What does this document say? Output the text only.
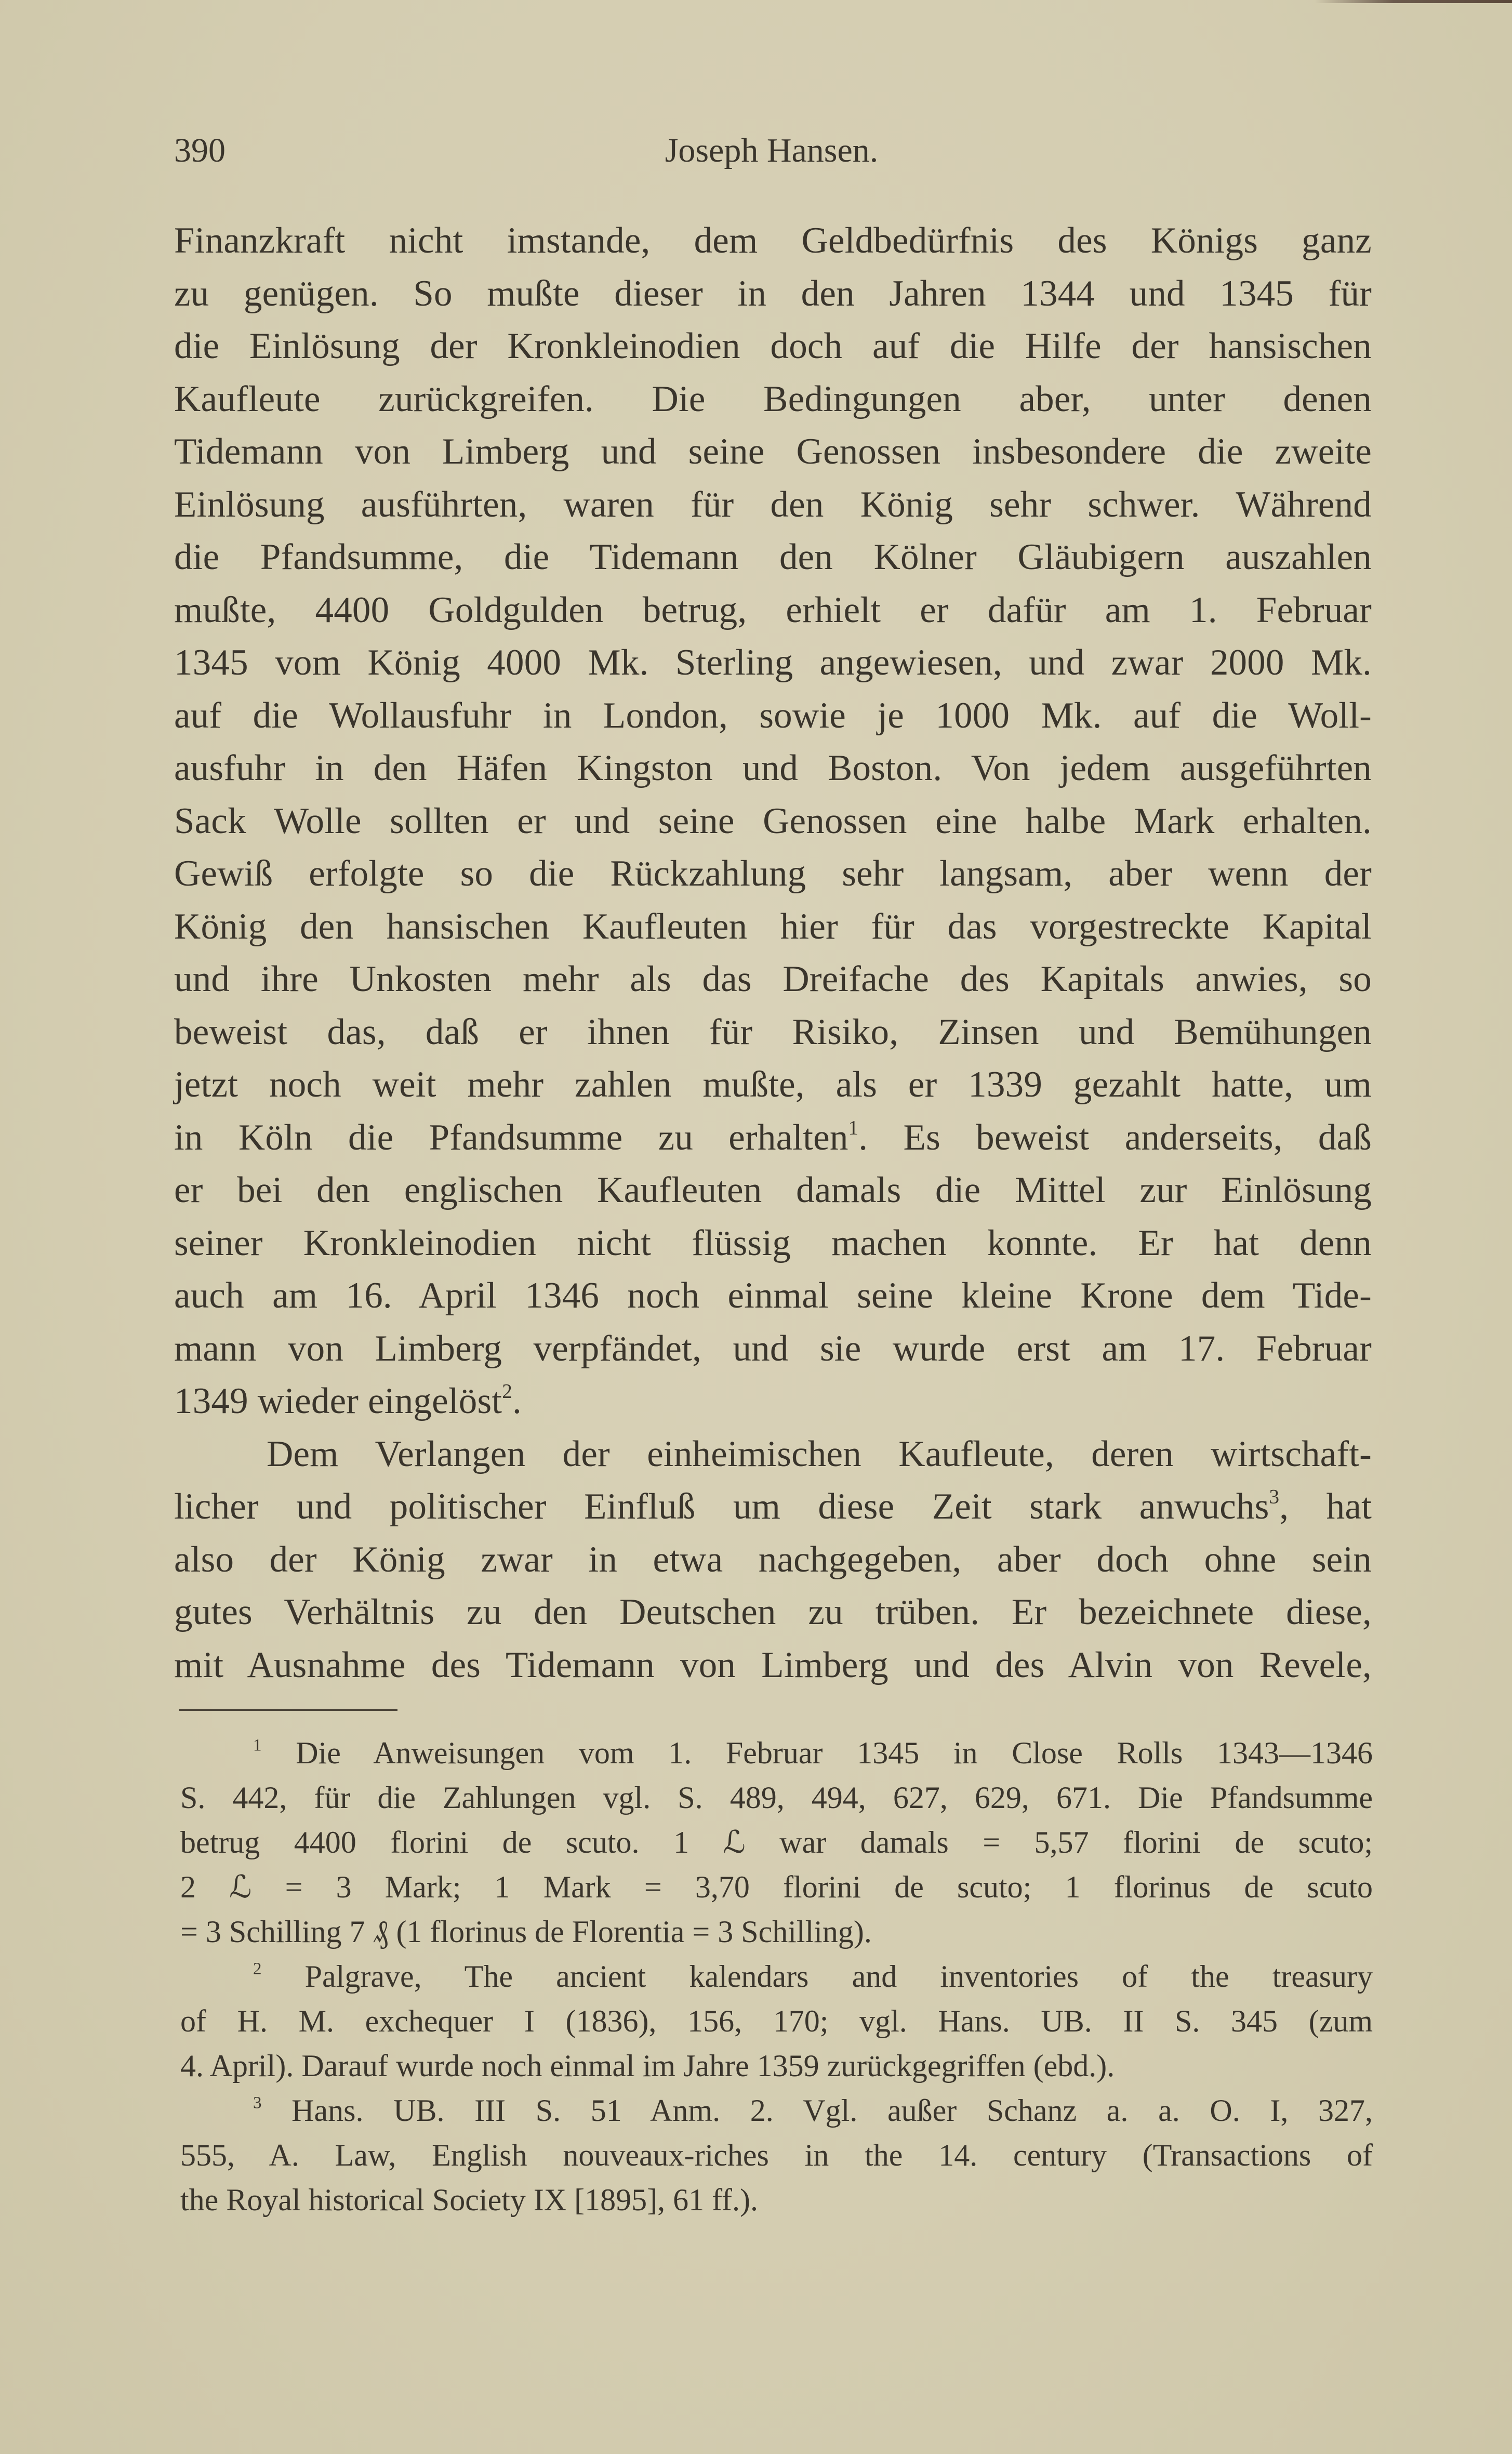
390	Joseph Hansen.
Finanzkraft nicht imstande, dem Geldbedürfnis des Königs ganz
zu genügen. So mußte dieser in den Jahren 1344 und 1345 für
die Einlösung der Kronkleinodien doch auf die Hilfe der hansischen
Kaufleute zurückgreifen. Die Bedingungen aber, unter denen
Tidemann von Limberg und seine Genossen insbesondere die zweite
Einlösung ausführten, waren für den König sehr schwer. Während
die Pfandsumme, die Tidemann den Kölner Gläubigern auszahlen
mußte, 4400 Goldgulden betrug, erhielt er dafür am 1. Februar
1345 vom König 4000 Mk. Sterling angewiesen, und zwar 2000 Mk.
auf die Wollausfuhr in London, sowie je 1000 Mk. auf die Woll-
ausfuhr in den Häfen Kingston und Boston. Von jedem ausgeführten
Sack Wolle sollten er und seine Genossen eine halbe Mark erhalten.
Gewiß erfolgte so die Rückzahlung sehr langsam, aber wenn der
König den hansischen Kaufleuten hier für das vorgestreckte Kapital
und ihre Unkosten mehr als das Dreifache des Kapitals anwies, so
beweist das, daß er ihnen für Risiko, Zinsen und Bemühungen
jetzt noch weit mehr zahlen mußte, als er 1339 gezahlt hatte, um
in Köln die Pfandsumme zu erhalten$^1$. Es beweist anderseits, daß
er bei den englischen Kaufleuten damals die Mittel zur Einlösung
seiner Kronkleinodien nicht flüssig machen konnte. Er hat denn
auch am 16. April 1346 noch einmal seine kleine Krone dem Tide-
mann von Limberg verpfändet, und sie wurde erst am 17. Februar
1349 wieder eingelöst$^2$.
Dem Verlangen der einheimischen Kaufleute, deren wirtschaft-
licher und politischer Einfluß um diese Zeit stark anwuchs$^3$, hat
also der König zwar in etwa nachgegeben, aber doch ohne sein
gutes Verhältnis zu den Deutschen zu trüben. Er bezeichnete diese,
mit Ausnahme des Tidemann von Limberg und des Alvin von Revele,
$^1$ Die Anweisungen vom 1. Februar 1345 in Close Rolls 1343—1346
S. 442, für die Zahlungen vgl. S. 489, 494, 627, 629, 671. Die Pfandsumme
betrug 4400 florini de scuto. 1 ℒ war damals = 5,57 florini de scuto;
2 ℒ = 3 Mark; 1 Mark = 3,70 florini de scuto; 1 florinus de scuto
= 3 Schilling 7 ₰ (1 florinus de Florentia = 3 Schilling).
$^2$ Palgrave, The ancient kalendars and inventories of the treasury
of H. M. exchequer I (1836), 156, 170; vgl. Hans. UB. II S. 345 (zum
4. April). Darauf wurde noch einmal im Jahre 1359 zurückgegriffen (ebd.).
$^3$ Hans. UB. III S. 51 Anm. 2. Vgl. außer Schanz a. a. O. I, 327,
555, A. Law, English nouveaux-riches in the 14. century (Transactions of
the Royal historical Society IX [1895], 61 ff.).
